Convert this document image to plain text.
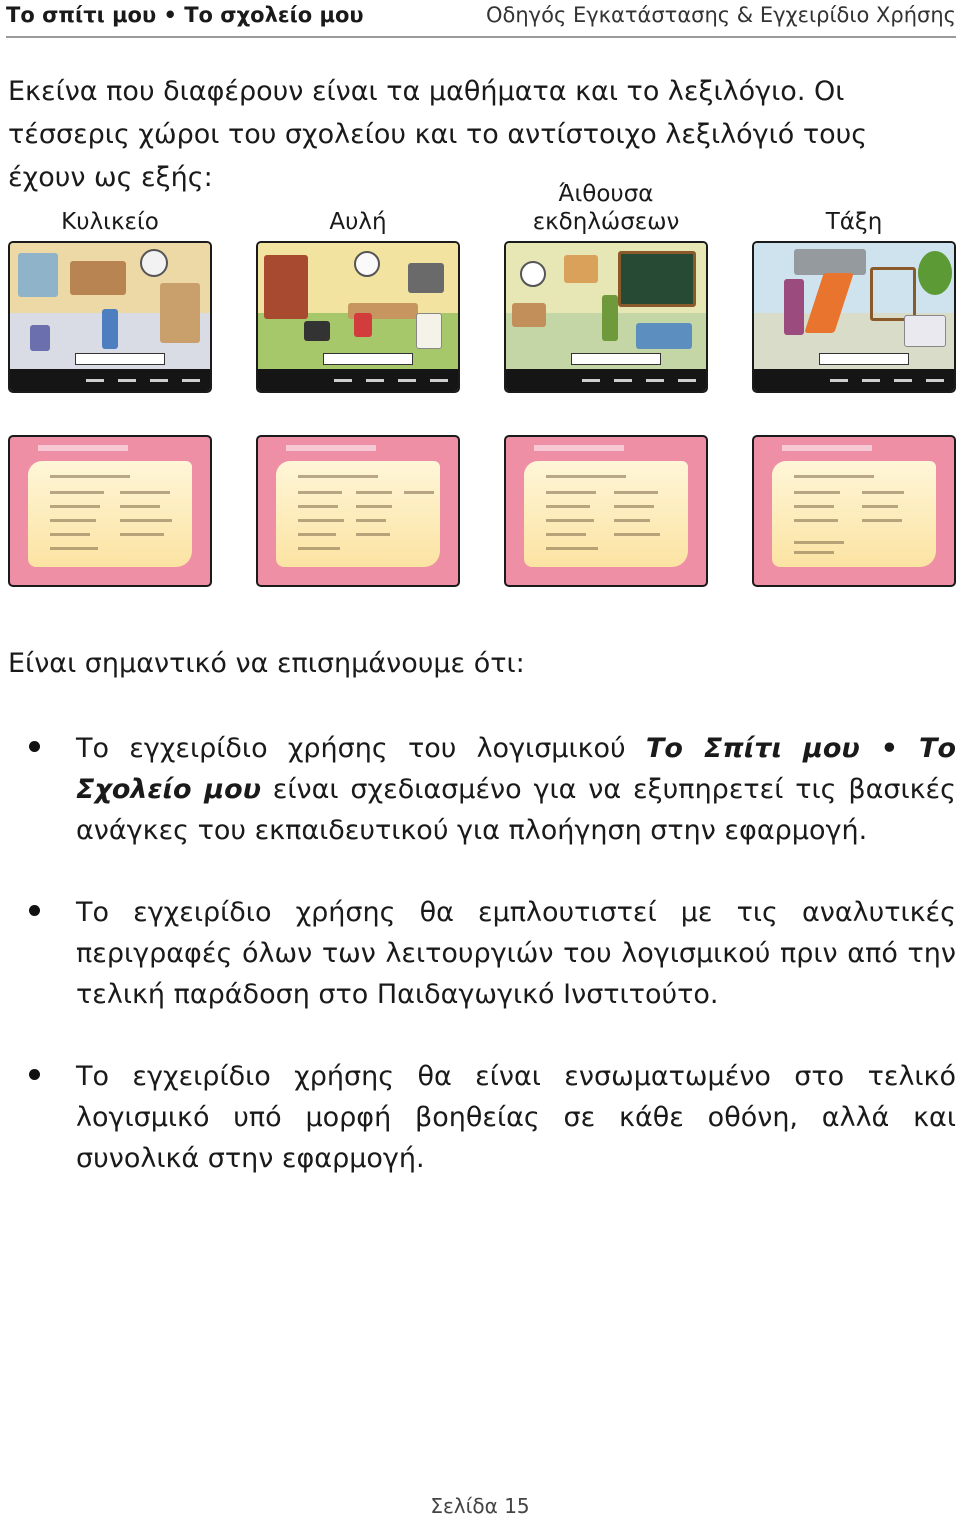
Το σπίτι μου • Το σχολείο μου	Οδηγός Εγκατάστασης & Εγχειρίδιο Χρήσης
Εκείνα που διαφέρουν είναι τα μαθήματα και το λεξιλόγιο. Οι τέσσερις χώροι του σχολείου και το αντίστοιχο λεξιλόγιό τους έχουν ως εξής:
Κυλικείο	Αυλή
Άιθουσα εκδηλώσεων	Τάξη
Είναι σημαντικό να επισημάνουμε ότι:
Το εγχειρίδιο χρήσης του λογισμικού Το Σπίτι μου • Το Σχολείο μου είναι σχεδιασμένο για να εξυπηρετεί τις βασικές ανάγκες του εκπαιδευτικού για πλοήγηση στην εφαρμογή.
Το εγχειρίδιο χρήσης θα εμπλουτιστεί με τις αναλυτικές περιγραφές όλων των λειτουργιών του λογισμικού πριν από την τελική παράδοση στο Παιδαγωγικό Ινστιτούτο.
Το εγχειρίδιο χρήσης θα είναι ενσωματωμένο στο τελικό λογισμικό υπό μορφή βοηθείας σε κάθε οθόνη, αλλά και συνολικά στην εφαρμογή.
Σελίδα 15
